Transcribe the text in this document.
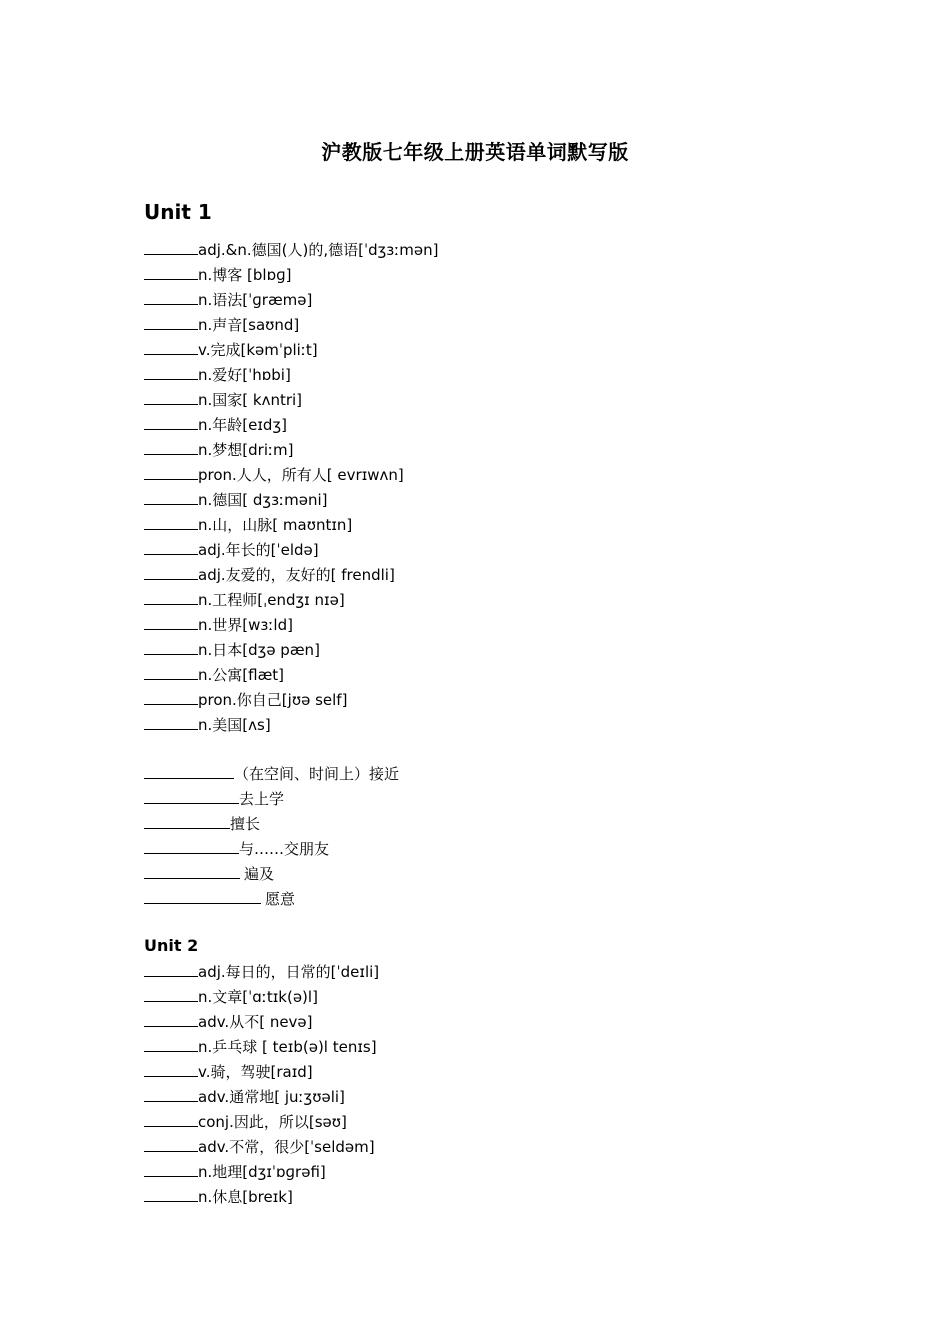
沪教版七年级上册英语单词默写版
Unit 1
adj.&n.德国(人)的,德语[ˈdʒɜːmən]
n.博客 [blɒɡ]
n.语法[ˈɡræmə]
n.声音[saʊnd]
v.完成[kəmˈpliːt]
n.爱好[ˈhɒbi]
n.国家[ kʌntri]
n.年龄[eɪdʒ]
n.梦想[driːm]
pron.人人，所有人[ evrɪwʌn]
n.德国[ dʒɜːməni]
n.山，山脉[ maʊntɪn]
adj.年长的[ˈeldə]
adj.友爱的，友好的[ frendli]
n.工程师[ˌendʒɪ nɪə]
n.世界[wɜːld]
n.日本[dʒə pæn]
n.公寓[flæt]
pron.你自己[jʊə self]
n.美国[ʌs]
（在空间、时间上）接近
去上学
擅长
与……交朋友
遍及
愿意
Unit 2
adj.每日的，日常的[ˈdeɪli]
n.文章[ˈɑːtɪk(ə)l]
adv.从不[ nevə]
n.乒乓球 [ teɪb(ə)l tenɪs]
v.骑，驾驶[raɪd]
adv.通常地[ juːʒʊəli]
conj.因此，所以[səʊ]
adv.不常，很少[ˈseldəm]
n.地理[dʒɪˈɒɡrəfi]
n.休息[breɪk]
